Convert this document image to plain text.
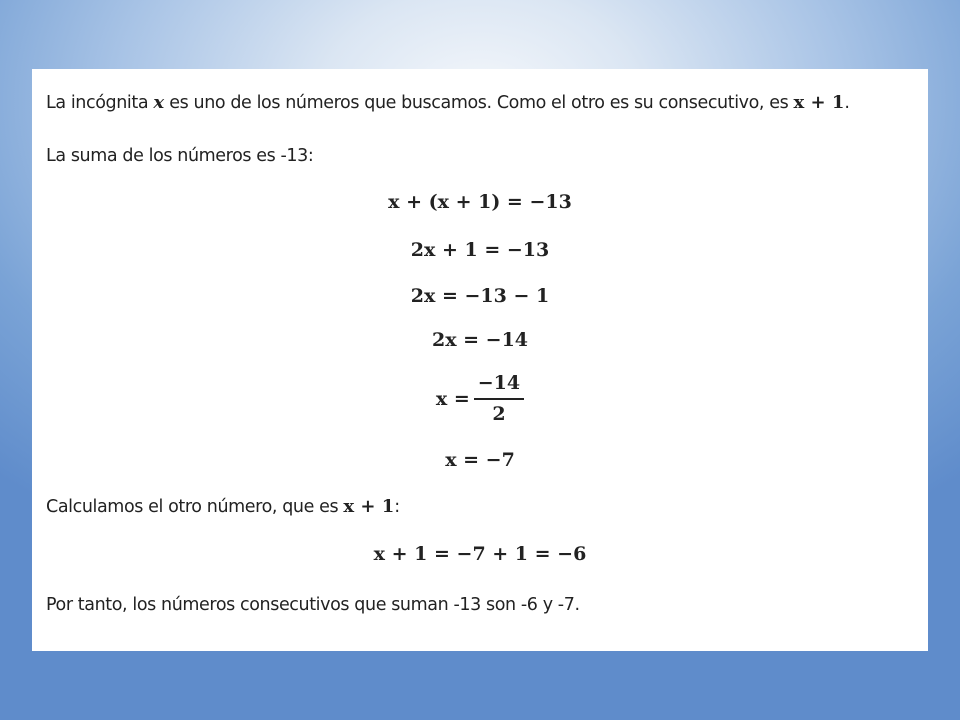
La incógnita x es uno de los números que buscamos. Como el otro es su consecutivo, es x + 1.
La suma de los números es -13:
x + (x + 1) = −13
2x + 1 = −13
2x = −13 − 1
2x = −14
$x = \frac{-14}{2}$
x = −7
Calculamos el otro número, que es x + 1:
x + 1 = −7 + 1 = −6
Por tanto, los números consecutivos que suman -13 son -6 y -7.
